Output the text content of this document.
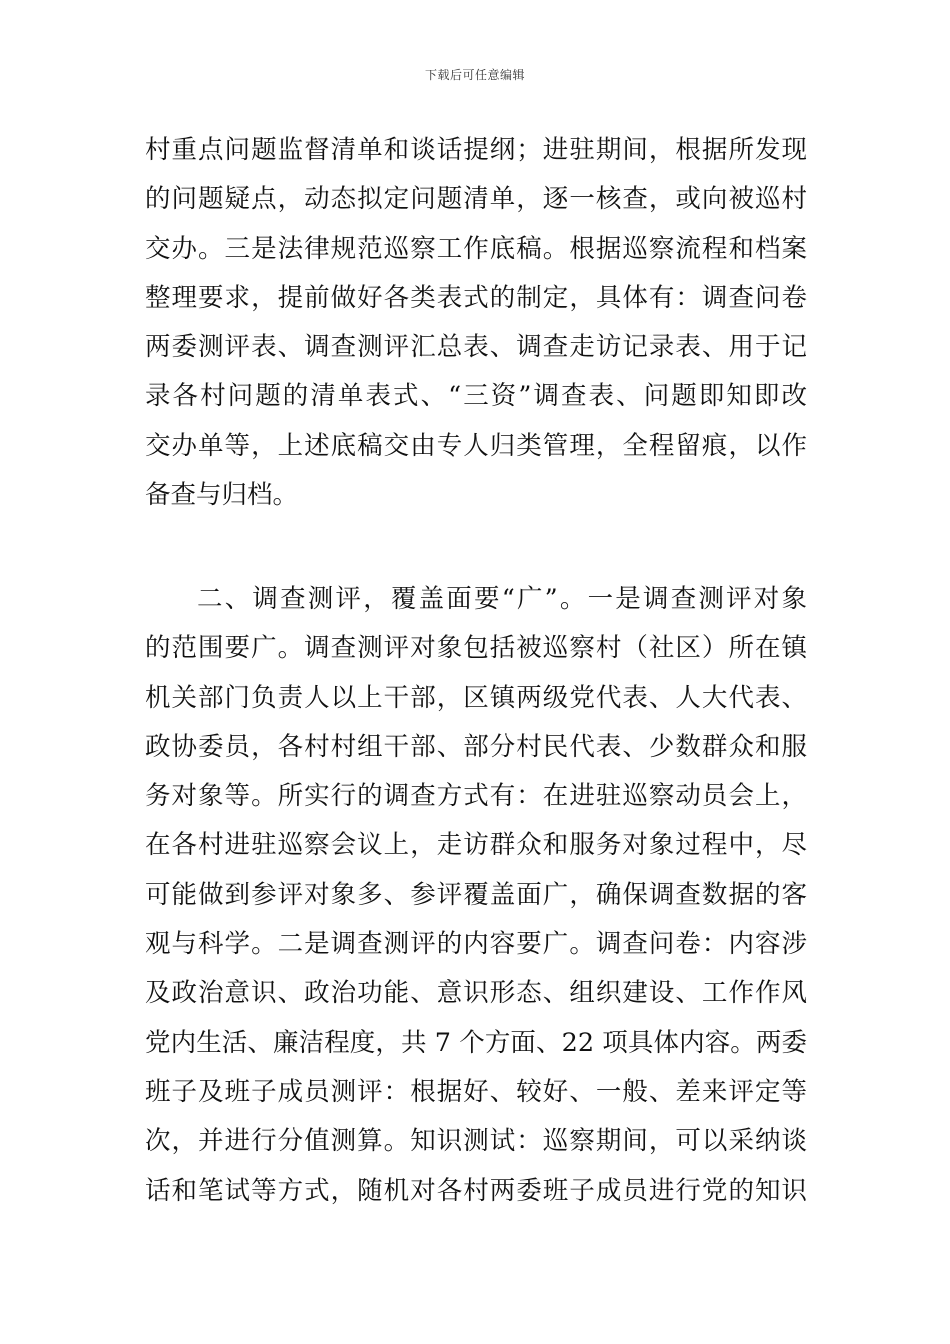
下载后可任意编辑
村重点问题监督清单和谈话提纲；进驻期间，根据所发现
的问题疑点，动态拟定问题清单，逐一核查，或向被巡村
交办。三是法律规范巡察工作底稿。根据巡察流程和档案
整理要求，提前做好各类表式的制定，具体有：调查问卷
两委测评表、调查测评汇总表、调查走访记录表、用于记
录各村问题的清单表式、“三资”调查表、问题即知即改
交办单等，上述底稿交由专人归类管理，全程留痕，以作
备查与归档。
二、调查测评，覆盖面要“广”。一是调查测评对象
的范围要广。调查测评对象包括被巡察村（社区）所在镇
机关部门负责人以上干部，区镇两级党代表、人大代表、
政协委员，各村村组干部、部分村民代表、少数群众和服
务对象等。所实行的调查方式有：在进驻巡察动员会上，
在各村进驻巡察会议上，走访群众和服务对象过程中，尽
可能做到参评对象多、参评覆盖面广，确保调查数据的客
观与科学。二是调查测评的内容要广。调查问卷：内容涉
及政治意识、政治功能、意识形态、组织建设、工作作风
党内生活、廉洁程度，共 7 个方面、22 项具体内容。两委
班子及班子成员测评：根据好、较好、一般、差来评定等
次，并进行分值测算。知识测试：巡察期间，可以采纳谈
话和笔试等方式，随机对各村两委班子成员进行党的知识
